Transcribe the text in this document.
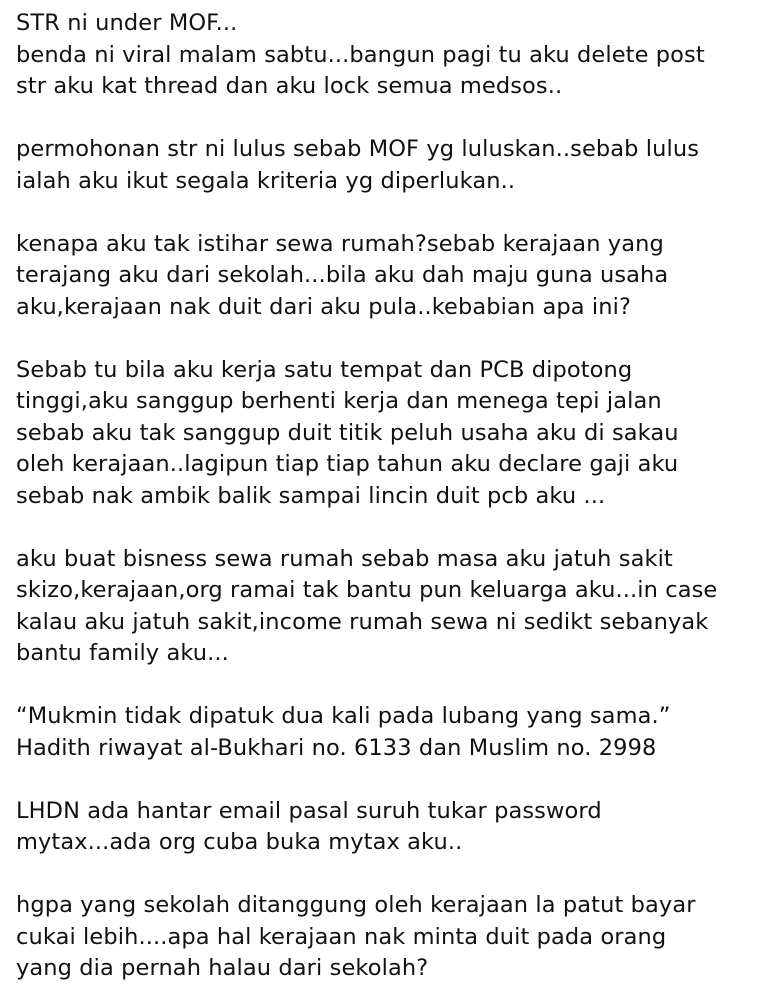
STR ni under MOF...
benda ni viral malam sabtu...bangun pagi tu aku delete post
str aku kat thread dan aku lock semua medsos..
permohonan str ni lulus sebab MOF yg luluskan..sebab lulus
ialah aku ikut segala kriteria yg diperlukan..
kenapa aku tak istihar sewa rumah?sebab kerajaan yang
terajang aku dari sekolah...bila aku dah maju guna usaha
aku,kerajaan nak duit dari aku pula..kebabian apa ini?
Sebab tu bila aku kerja satu tempat dan PCB dipotong
tinggi,aku sanggup berhenti kerja dan menega tepi jalan
sebab aku tak sanggup duit titik peluh usaha aku di sakau
oleh kerajaan..lagipun tiap tiap tahun aku declare gaji aku
sebab nak ambik balik sampai lincin duit pcb aku ...
aku buat bisness sewa rumah sebab masa aku jatuh sakit
skizo,kerajaan,org ramai tak bantu pun keluarga aku...in case
kalau aku jatuh sakit,income rumah sewa ni sedikt sebanyak
bantu family aku...
“Mukmin tidak dipatuk dua kali pada lubang yang sama.”
Hadith riwayat al-Bukhari no. 6133 dan Muslim no. 2998
LHDN ada hantar email pasal suruh tukar password
mytax...ada org cuba buka mytax aku..
hgpa yang sekolah ditanggung oleh kerajaan la patut bayar
cukai lebih....apa hal kerajaan nak minta duit pada orang
yang dia pernah halau dari sekolah?
